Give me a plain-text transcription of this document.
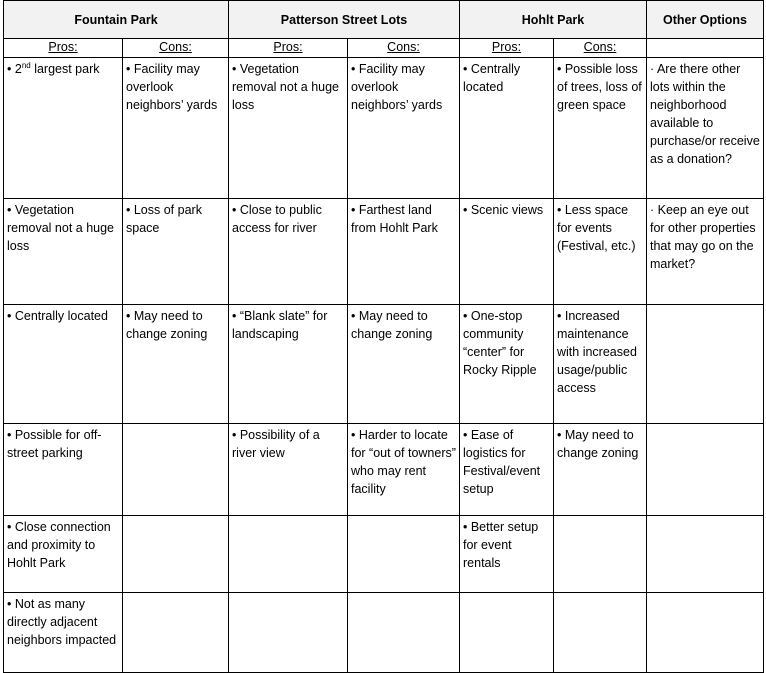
Fountain Park		Patterson Street Lots		Hohlt Park		Other Options
Pros:	Cons:	Pros:	Cons:	Pros:	Cons:	
• 2nd largest park	• Facility may overlook neighbors’ yards	• Vegetation removal not a huge loss	• Facility may overlook neighbors’ yards	• Centrally located	• Possible loss of trees, loss of green space	· Are there other lots within the neighborhood available to purchase/or receive as a donation?
• Vegetation removal not a huge loss	• Loss of park space	• Close to public access for river	• Farthest land from Hohlt Park	• Scenic views	• Less space for events (Festival, etc.)	· Keep an eye out for other properties that may go on the market?
• Centrally located	• May need to change zoning	• “Blank slate” for landscaping	• May need to change zoning	• One-stop community “center” for Rocky Ripple	• Increased maintenance with increased usage/public access	
• Possible for off-street parking		• Possibility of a river view	• Harder to locate for “out of towners” who may rent facility	• Ease of logistics for Festival/event setup	• May need to change zoning	
• Close connection and proximity to Hohlt Park				• Better setup for event rentals		
• Not as many directly adjacent neighbors impacted						
